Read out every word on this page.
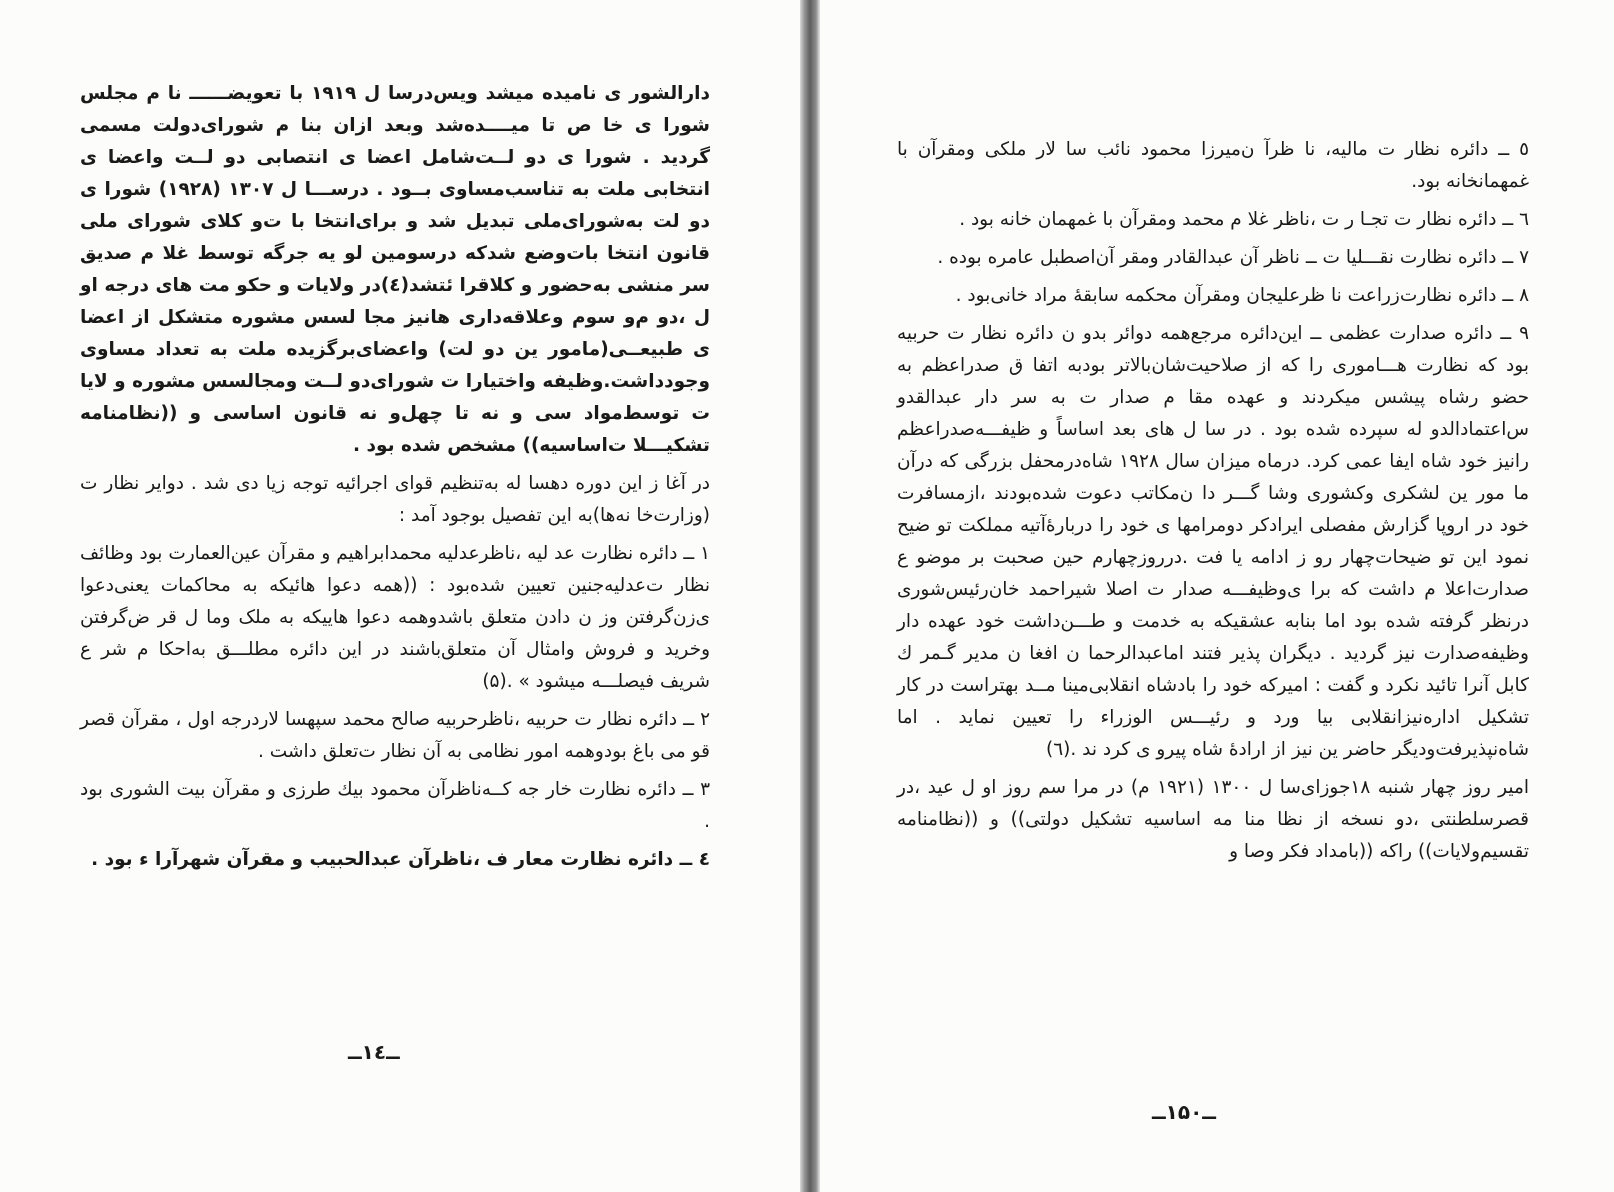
دارالشور ی نامیده میشد ویس‌درسا ل ۱۹۱۹ با تعویضــــــ نا م مجلس شورا ی خا ص تا میــــده‌شد وبعد ازان بنا م شورای‌دولت مسمی گردید . شورا ی دو لــت‌شامل اعضا ی انتصابی دو لــت واعضا ی انتخابی ملت به تناسب‌مساوی بــود . درســـا ل ۱۳۰۷ (۱۹۲۸) شورا ی دو لت به‌شورای‌ملی تبدیل شد و برای‌انتخا با ت‌و کلای شورای ملی قانون انتخا بات‌وضع شدکه درسومین لو یه جرگه توسط غلا م صدیق سر منشی به‌حضور و کلاقرا ئتشد(٤)در ولایات و حکو مت های درجه او ل ،دو م‌و سوم وعلاقه‌داری هانیز مجا لسس مشوره متشکل از اعضا ی طبیعــی(مامور ین دو لت) واعضای‌برگزیده ملت به تعداد مساوی وجودداشت.وظیفه واختیارا ت شورای‌دو لــت ومجالسس مشوره و لایا ت توسط‌مواد سی و نه تا چهل‌و نه قانون اساسی و ((نظامنامه تشکیـــلا ت‌اساسیه)) مشخص شده بود .

در آغا ز این دوره دهسا له به‌تنظیم قوای اجرائیه توجه زیا دی شد . دوایر نظار ت (وزارت‌خا نه‌ها)به این تفصیل بوجود آمد :

۱ ــ دائره نظارت عد لیه ،ناظرعدلیه محمدابراهیم و مقرآن عین‌العمارت بود وظائف نظار ت‌عدلیه‌جنین تعیین شده‌بود : ((همه دعوا هائیکه به محاکمات یعنی‌دعوا ی‌زن‌گرفتن وز ن دادن متعلق باشدوهمه دعوا هاییکه به ملک وما ل قر ض‌گرفتن وخرید و فروش وامثال آن متعلق‌باشند در این دائره مطلـــق به‌احکا م شر ع شریف فیصلـــه میشود » .(۵)

۲ ــ دائره نظار ت حربیه ،ناظرحربیه صالح محمد سپهسا لاردرجه اول ، مقرآن قصر قو می باغ بودوهمه امور نظامی به آن نظار ت‌تعلق داشت .

۳ ــ دائره نظارت خار جه کــه‌ناظرآن محمود بیك طرزی و مقرآن بیت الشوری بود .

٤ ــ دائره نظارت معار ف ،ناظرآن عبدالحبیب و مقرآن شهرآرا ء بود .

ــ۱٤ــ

٥ ــ دائره نظار ت مالیه، نا ظرآ ن‌میرزا محمود نائب سا لار ملکی ومقرآن با غمهمانخانه بود.

٦ ــ دائره نظار ت تجـا ر ت ،ناظر غلا م محمد ومقرآن با غمهمان خانه بود .

٧ ــ دائره نظارت نقـــلیا ت ــ ناظر آن عبدالقادر ومقر آن‌اصطبل عامره بوده .

٨ ــ دائره نظارت‌زراعت نا ظرعلیجان ومقرآن محکمه سابقهٔ مراد خانی‌بود .

۹ ــ دائره صدارت عظمی ــ این‌دائره مرجع‌همه دوائر بدو ن دائره نظار ت حربیه بود که نظارت هـــاموری را که از صلاحیت‌شان‌بالاتر بودبه اتفا ق صدراعظم به حضو رشاه پیشس میکردند و عهده مقا م صدار ت به سر دار عبدالقدو س‌اعتمادالدو له سپرده شده بود . در سا ل های بعد اساساً و ظیفـــه‌صدراعظم رانیز خود شاه ایفا عمی کرد. درماه میزان سال ۱۹۲۸ شاه‌درمحفل بزرگی که درآن ما مور ین لشکری وکشوری وشا گـــر دا ن‌مکاتب دعوت شده‌بودند ،ازمسافرت خود در اروپا گزارش مفصلی ایرادکر دومرامها ی خود را دربارهٔ‌آتیه مملکت تو ضیح نمود این تو ضیحات‌چهار رو ز ادامه یا فت .درروزچهارم حین صحبت بر موضو ع صدارت‌اعلا م داشت که برا ی‌وظیفـــه صدار ت اصلا شیراحمد خان‌رئیس‌شوری درنظر گرفته شده بود اما بنابه عشقیکه به خدمت و طـــن‌داشت خود عهده دار وظیفه‌صدارت نیز گردید . دیگران پذیر فتند اماعبدالرحما ن افغا ن مدیر گـمر ك کابل آنرا تائید نکرد و گفت : امیرکه خود را بادشاه انقلابی‌مینا مــد بهتراست در کار تشکیل اداره‌نیزانقلابی بیا ورد و رئیـــس الوزراء را تعیین نماید . اما شاه‌نپذیرفت‌ودیگر حاضر ین نیز از ارادهٔ شاه پیرو ی کرد ند .(٦)

امیر روز چهار شنبه ۱۸جوزای‌سا ل ۱۳۰۰ (۱۹۲۱ م) در مرا سم روز او ل عید ،در قصرسلطنتی ،دو نسخه از نظا منا مه اساسیه تشکیل دولتی)) و ((نظامنامه تقسیم‌ولایات)) راکه ((بامداد فکر وصا و

ــ۱۵۰ــ
